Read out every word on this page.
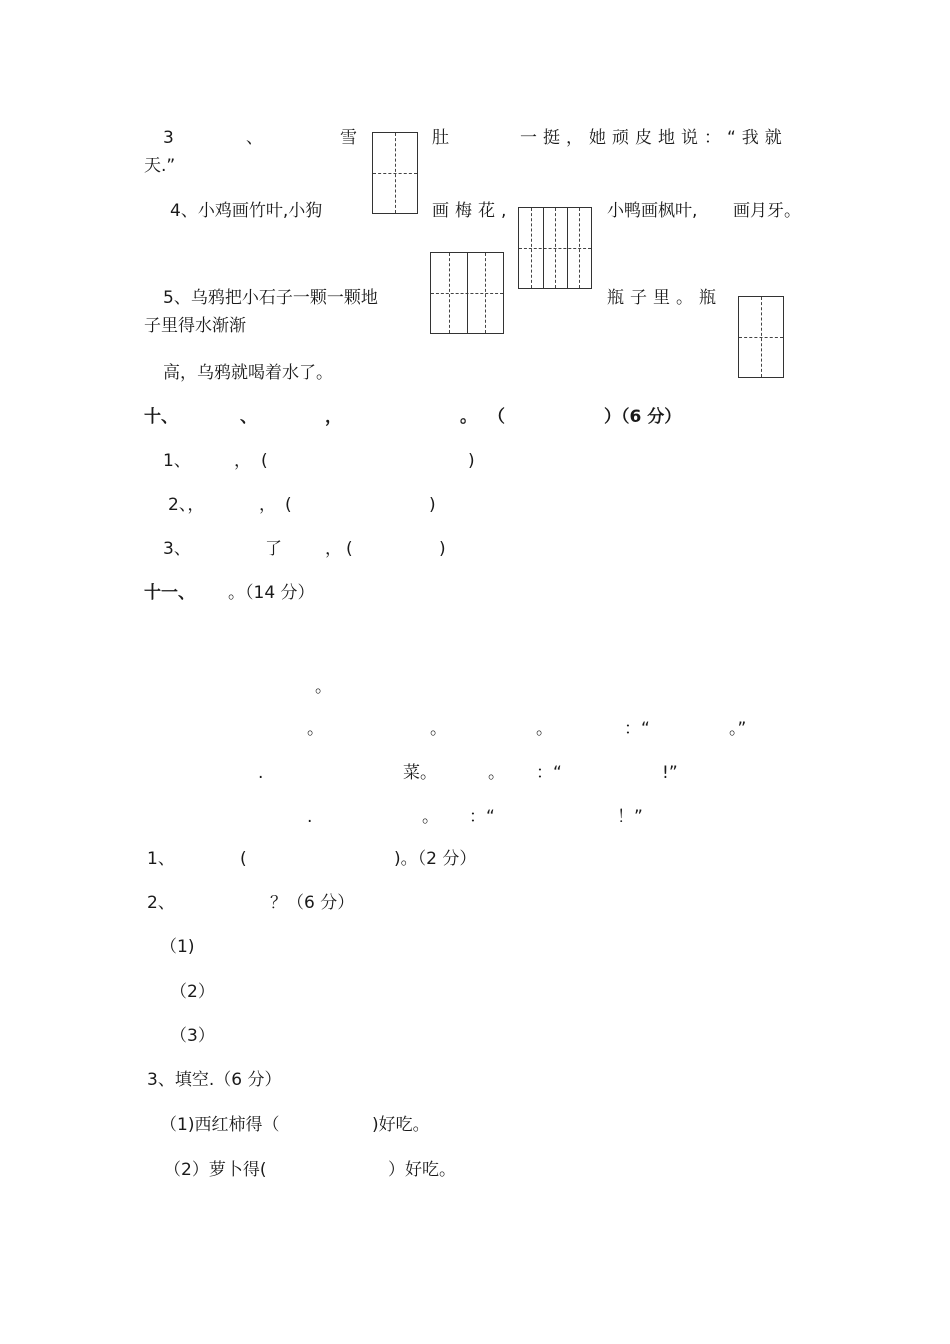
3	、	雪	肚	一挺，她顽皮地说：“我就
天.”
4、小鸡画竹叶,小狗	画梅花,	小鸭画枫叶, 画月牙。
5、乌鸦把小石子一颗一颗地	瓶子里。瓶
子里得水渐渐
高，乌鸦就喝着水了。
十、	、	，	。 （	）（6 分）
1、	， (	)
2、，	， (	)
3、	了	， (	)
十一、 。（14 分）
。
。	。	。	：“	。”
.	菜。	。 ：“	!”
.	。 ：“	！”
1、	(	)。（2 分）
2、	？（6 分）
（1)
（2）
（3）
3、填空.（6 分）
（1)西红柿得（	)好吃。
（2）萝卜得(	）好吃。
